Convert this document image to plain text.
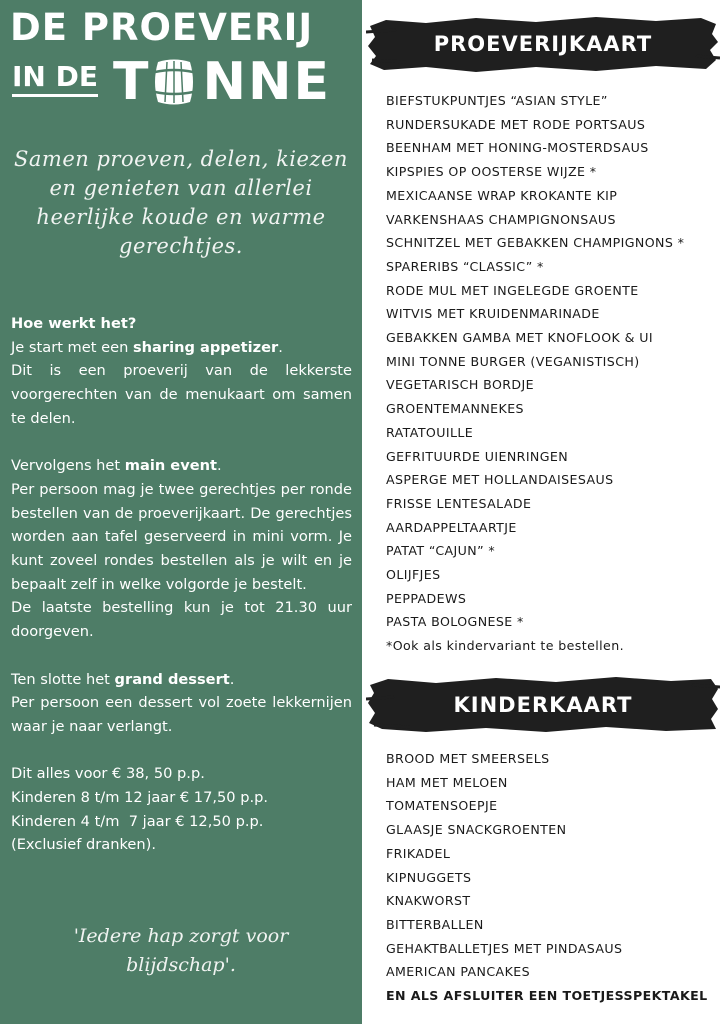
DE PROEVERIJ
IN DE T NNE
Samen proeven, delen, kiezen
en genieten van allerlei
heerlijke koude en warme
gerechtjes.

Hoe werkt het?

Je start met een sharing appetizer.

Dit is een proeverij van de lekkerste voorgerechten van de menukaart om samen te delen.

Vervolgens het main event.

Per persoon mag je twee gerechtjes per ronde bestellen van de proeverijkaart. De gerechtjes worden aan tafel geserveerd in mini vorm. Je kunt zoveel rondes bestellen als je wilt en je bepaalt zelf in welke volgorde je bestelt.

De laatste bestelling kun je tot 21.30 uur doorgeven.

Ten slotte het grand dessert.

Per persoon een dessert vol zoete lekkernijen waar je naar verlangt.

Dit alles voor € 38, 50 p.p.

Kinderen 8 t/m 12 jaar € 17,50 p.p.

Kinderen 4 t/m  7 jaar € 12,50 p.p.

(Exclusief dranken).

'Iedere hap zorgt voor
blijdschap'.
PROEVERIJKAART
BIEFSTUKPUNTJES “ASIAN STYLE”
RUNDERSUKADE MET RODE PORTSAUS
BEENHAM MET HONING-MOSTERDSAUS
KIPSPIES OP OOSTERSE WIJZE *
MEXICAANSE WRAP KROKANTE KIP
VARKENSHAAS CHAMPIGNONSAUS
SCHNITZEL MET GEBAKKEN CHAMPIGNONS *
SPARERIBS “CLASSIC” *
RODE MUL MET INGELEGDE GROENTE
WITVIS MET KRUIDENMARINADE
GEBAKKEN GAMBA MET KNOFLOOK & UI
MINI TONNE BURGER (VEGANISTISCH)
VEGETARISCH BORDJE
GROENTEMANNEKES
RATATOUILLE
GEFRITUURDE UIENRINGEN
ASPERGE MET HOLLANDAISESAUS
FRISSE LENTESALADE
AARDAPPELTAARTJE
PATAT “CAJUN” *
OLIJFJES
PEPPADEWS
PASTA BOLOGNESE *
*Ook als kindervariant te bestellen.
KINDERKAART
BROOD MET SMEERSELS
HAM MET MELOEN
TOMATENSOEPJE
GLAASJE SNACKGROENTEN
FRIKADEL
KIPNUGGETS
KNAKWORST
BITTERBALLEN
GEHAKTBALLETJES MET PINDASAUS
AMERICAN PANCAKES
EN ALS AFSLUITER EEN TOETJESSPEKTAKEL
